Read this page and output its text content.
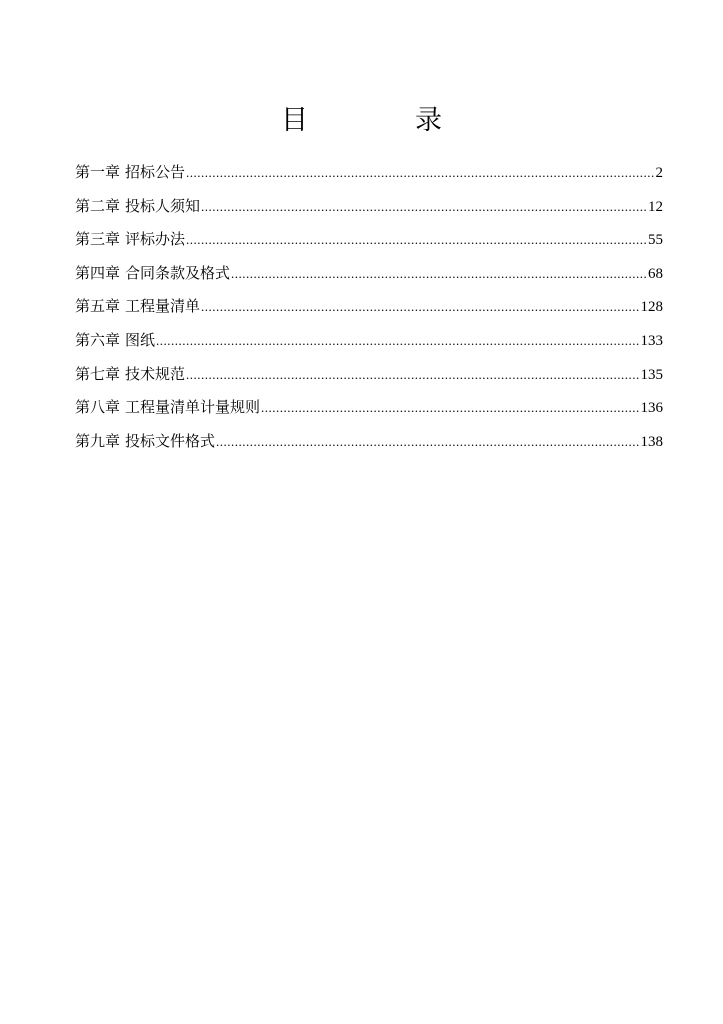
目　录
第一章 招标公告 .....	2
第二章 投标人须知 .....	12
第三章 评标办法 .....	55
第四章 合同条款及格式 .....	68
第五章 工程量清单 .....	128
第六章 图纸 .....	133
第七章 技术规范 .....	135
第八章 工程量清单计量规则 .....	136
第九章 投标文件格式 .....	138
